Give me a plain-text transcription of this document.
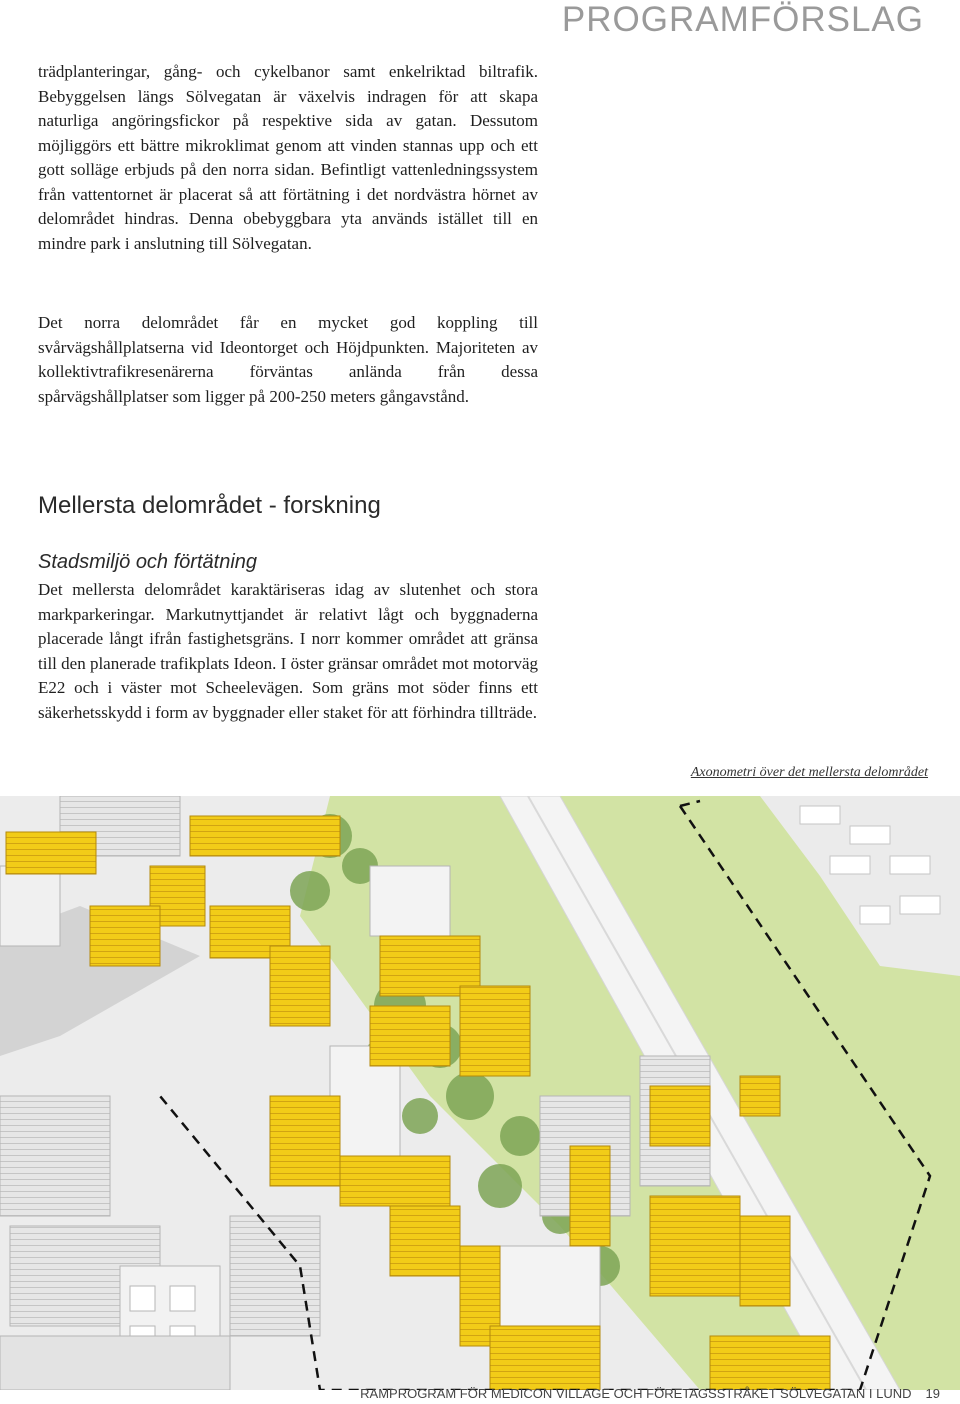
PROGRAMFÖRSLAG

trädplanteringar, gång- och cykelbanor samt enkelriktad biltrafik. Bebyggelsen längs Sölvegatan är växelvis indragen för att skapa naturliga angöringsfickor på respektive sida av gatan. Dessutom möjliggörs ett bättre mikroklimat genom att vinden stannas upp och ett gott solläge erbjuds på den norra sidan. Befintligt vattenledningssystem från vattentornet är placerat så att förtätning i det nordvästra hörnet av delområdet hindras. Denna obebyggbara yta används istället till en mindre park i anslutning till Sölvegatan.

Det norra delområdet får en mycket god koppling till svårvägshållplatserna vid Ideontorget och Höjdpunkten. Majoriteten av kollektivtrafikresenärerna förväntas anlända från dessa spårvägshållplatser som ligger på 200-250 meters gångavstånd.

Mellersta delområdet - forskning
Stadsmiljö och förtätning

Det mellersta delområdet karaktäriseras idag av slutenhet och stora markparkeringar. Markutnyttjandet är relativt lågt och byggnaderna placerade långt ifrån fastighetsgräns. I norr kommer området att gränsa till den planerade trafikplats Ideon. I öster gränsar området mot motorväg E22 och i väster mot Scheelevägen. Som gräns mot söder finns ett säkerhetsskydd i form av byggnader eller staket för att förhindra tillträde.

Axonometri över det mellersta delområdet
RAMPROGRAM FÖR MEDICON VILLAGE OCH FÖRETAGSSTRÅKET SÖLVEGATAN I LUND 19
